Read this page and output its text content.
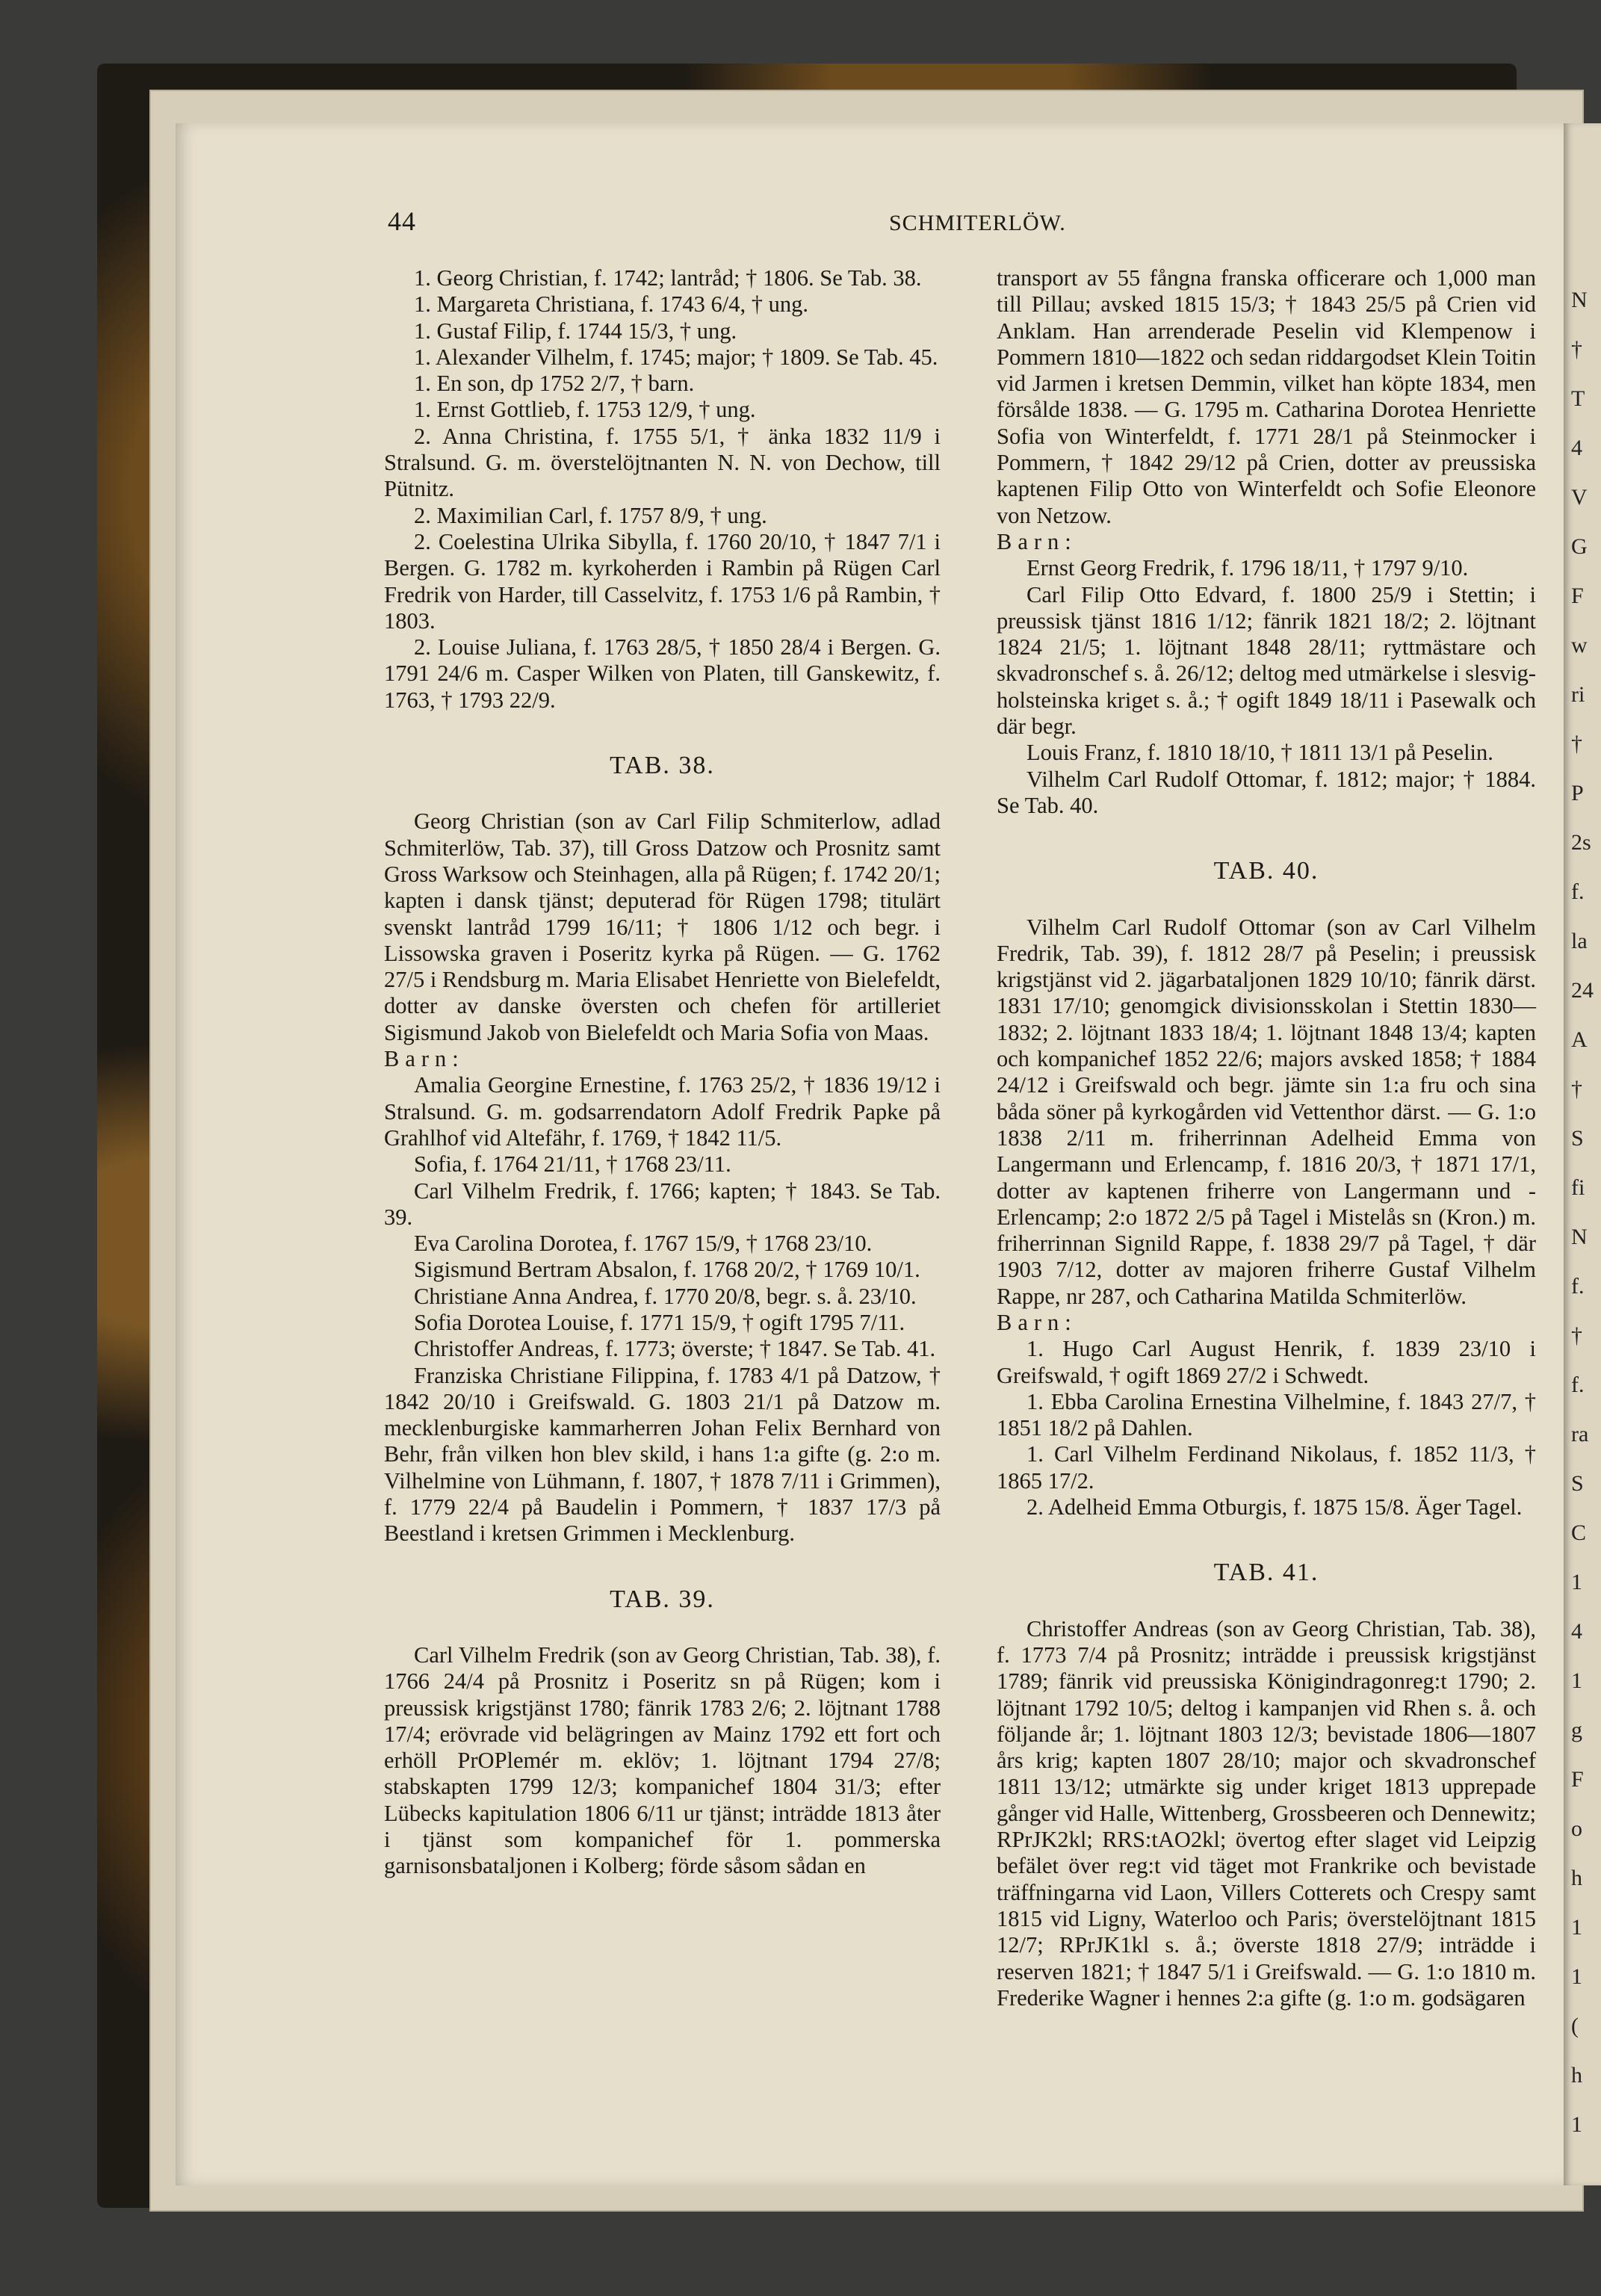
N
†
T
4
V
G
F
w
ri
†
P
2s
f.
la
24
A
†
S
fi
N
f.
†
f.
ra
S
C
1
4
1
g
F
o
h
1
1
(
h
1
44	SCHMITERLÖW.

1. Georg Christian, f. 1742; lantråd; † 1806. Se Tab. 38.

1. Margareta Christiana, f. 1743 6/4, † ung.

1. Gustaf Filip, f. 1744 15/3, † ung.

1. Alexander Vilhelm, f. 1745; major; † 1809. Se Tab. 45.

1. En son, dp 1752 2/7, † barn.

1. Ernst Gottlieb, f. 1753 12/9, † ung.

2. Anna Christina, f. 1755 5/1, † änka 1832 11/9 i Stralsund. G. m. överstelöjtnanten N. N. von Dechow, till Pütnitz.

2. Maximilian Carl, f. 1757 8/9, † ung.

2. Coelestina Ulrika Sibylla, f. 1760 20/10, † 1847 7/1 i Bergen. G. 1782 m. kyrkoherden i Rambin på Rügen Carl Fredrik von Harder, till Casselvitz, f. 1753 1/6 på Rambin, † 1803.

2. Louise Juliana, f. 1763 28/5, † 1850 28/4 i Bergen. G. 1791 24/6 m. Casper Wilken von Platen, till Ganskewitz, f. 1763, † 1793 22/9.

TAB. 38.

Georg Christian (son av Carl Filip Schmiterlow, adlad Schmiterlöw, Tab. 37), till Gross Datzow och Prosnitz samt Gross Warksow och Steinhagen, alla på Rügen; f. 1742 20/1; kapten i dansk tjänst; deputerad för Rügen 1798; titulärt svenskt lantråd 1799 16/11; † 1806 1/12 och begr. i Lissowska graven i Poseritz kyrka på Rügen. — G. 1762 27/5 i Rendsburg m. Maria Elisabet Henriette von Bielefeldt, dotter av danske översten och chefen för artilleriet Sigismund Jakob von Bielefeldt och Maria Sofia von Maas.

Barn:

Amalia Georgine Ernestine, f. 1763 25/2, † 1836 19/12 i Stralsund. G. m. godsarrendatorn Adolf Fredrik Papke på Grahlhof vid Altefähr, f. 1769, † 1842 11/5.

Sofia, f. 1764 21/11, † 1768 23/11.

Carl Vilhelm Fredrik, f. 1766; kapten; † 1843. Se Tab. 39.

Eva Carolina Dorotea, f. 1767 15/9, † 1768 23/10.

Sigismund Bertram Absalon, f. 1768 20/2, † 1769 10/1.

Christiane Anna Andrea, f. 1770 20/8, begr. s. å. 23/10.

Sofia Dorotea Louise, f. 1771 15/9, † ogift 1795 7/11.

Christoffer Andreas, f. 1773; överste; † 1847. Se Tab. 41.

Franziska Christiane Filippina, f. 1783 4/1 på Datzow, † 1842 20/10 i Greifswald. G. 1803 21/1 på Datzow m. mecklenburgiske kammarherren Johan Felix Bernhard von Behr, från vilken hon blev skild, i hans 1:a gifte (g. 2:o m. Vilhelmine von Lühmann, f. 1807, † 1878 7/11 i Grimmen), f. 1779 22/4 på Baudelin i Pommern, † 1837 17/3 på Beestland i kretsen Grimmen i Mecklenburg.

TAB. 39.

Carl Vilhelm Fredrik (son av Georg Christian, Tab. 38), f. 1766 24/4 på Prosnitz i Poseritz sn på Rügen; kom i preussisk krigstjänst 1780; fänrik 1783 2/6; 2. löjtnant 1788 17/4; erövrade vid belägringen av Mainz 1792 ett fort och erhöll PrOPlemér m. eklöv; 1. löjtnant 1794 27/8; stabskapten 1799 12/3; kompanichef 1804 31/3; efter Lübecks kapitulation 1806 6/11 ur tjänst; inträdde 1813 åter i tjänst som kompanichef för 1. pommerska garnisonsbataljonen i Kolberg; förde såsom sådan en

transport av 55 fångna franska officerare och 1,000 man till Pillau; avsked 1815 15/3; † 1843 25/5 på Crien vid Anklam. Han arrenderade Peselin vid Klempenow i Pommern 1810—1822 och sedan riddargodset Klein Toitin vid Jarmen i kretsen Demmin, vilket han köpte 1834, men försålde 1838. — G. 1795 m. Catharina Dorotea Henriette Sofia von Winterfeldt, f. 1771 28/1 på Steinmocker i Pommern, † 1842 29/12 på Crien, dotter av preussiska kaptenen Filip Otto von Winterfeldt och Sofie Eleonore von Netzow.

Barn:

Ernst Georg Fredrik, f. 1796 18/11, † 1797 9/10.

Carl Filip Otto Edvard, f. 1800 25/9 i Stettin; i preussisk tjänst 1816 1/12; fänrik 1821 18/2; 2. löjtnant 1824 21/5; 1. löjtnant 1848 28/11; ryttmästare och skvadronschef s. å. 26/12; deltog med utmärkelse i slesvig-holsteinska kriget s. å.; † ogift 1849 18/11 i Pasewalk och där begr.

Louis Franz, f. 1810 18/10, † 1811 13/1 på Peselin.

Vilhelm Carl Rudolf Ottomar, f. 1812; major; † 1884. Se Tab. 40.

TAB. 40.

Vilhelm Carl Rudolf Ottomar (son av Carl Vilhelm Fredrik, Tab. 39), f. 1812 28/7 på Peselin; i preussisk krigstjänst vid 2. jägarbataljonen 1829 10/10; fänrik därst. 1831 17/10; genomgick divisionsskolan i Stettin 1830—1832; 2. löjtnant 1833 18/4; 1. löjtnant 1848 13/4; kapten och kompanichef 1852 22/6; majors avsked 1858; † 1884 24/12 i Greifswald och begr. jämte sin 1:a fru och sina båda söner på kyrkogården vid Vettenthor därst. — G. 1:o 1838 2/11 m. friherrinnan Adelheid Emma von Langermann und Erlencamp, f. 1816 20/3, † 1871 17/1, dotter av kaptenen friherre von Langermann und -Erlencamp; 2:o 1872 2/5 på Tagel i Mistelås sn (Kron.) m. friherrinnan Signild Rappe, f. 1838 29/7 på Tagel, † där 1903 7/12, dotter av majoren friherre Gustaf Vilhelm Rappe, nr 287, och Catharina Matilda Schmiterlöw.

Barn:

1. Hugo Carl August Henrik, f. 1839 23/10 i Greifswald, † ogift 1869 27/2 i Schwedt.

1. Ebba Carolina Ernestina Vilhelmine, f. 1843 27/7, † 1851 18/2 på Dahlen.

1. Carl Vilhelm Ferdinand Nikolaus, f. 1852 11/3, † 1865 17/2.

2. Adelheid Emma Otburgis, f. 1875 15/8. Äger Tagel.

TAB. 41.

Christoffer Andreas (son av Georg Christian, Tab. 38), f. 1773 7/4 på Prosnitz; inträdde i preussisk krigstjänst 1789; fänrik vid preussiska Königindragonreg:t 1790; 2. löjtnant 1792 10/5; deltog i kampanjen vid Rhen s. å. och följande år; 1. löjtnant 1803 12/3; bevistade 1806—1807 års krig; kapten 1807 28/10; major och skvadronschef 1811 13/12; utmärkte sig under kriget 1813 upprepade gånger vid Halle, Wittenberg, Grossbeeren och Dennewitz; RPrJK2kl; RRS:tAO2kl; övertog efter slaget vid Leipzig befälet över reg:t vid täget mot Frankrike och bevistade träffningarna vid Laon, Villers Cotterets och Crespy samt 1815 vid Ligny, Waterloo och Paris; överstelöjtnant 1815 12/7; RPrJK1kl s. å.; överste 1818 27/9; inträdde i reserven 1821; † 1847 5/1 i Greifswald. — G. 1:o 1810 m. Frederike Wagner i hennes 2:a gifte (g. 1:o m. godsägaren
